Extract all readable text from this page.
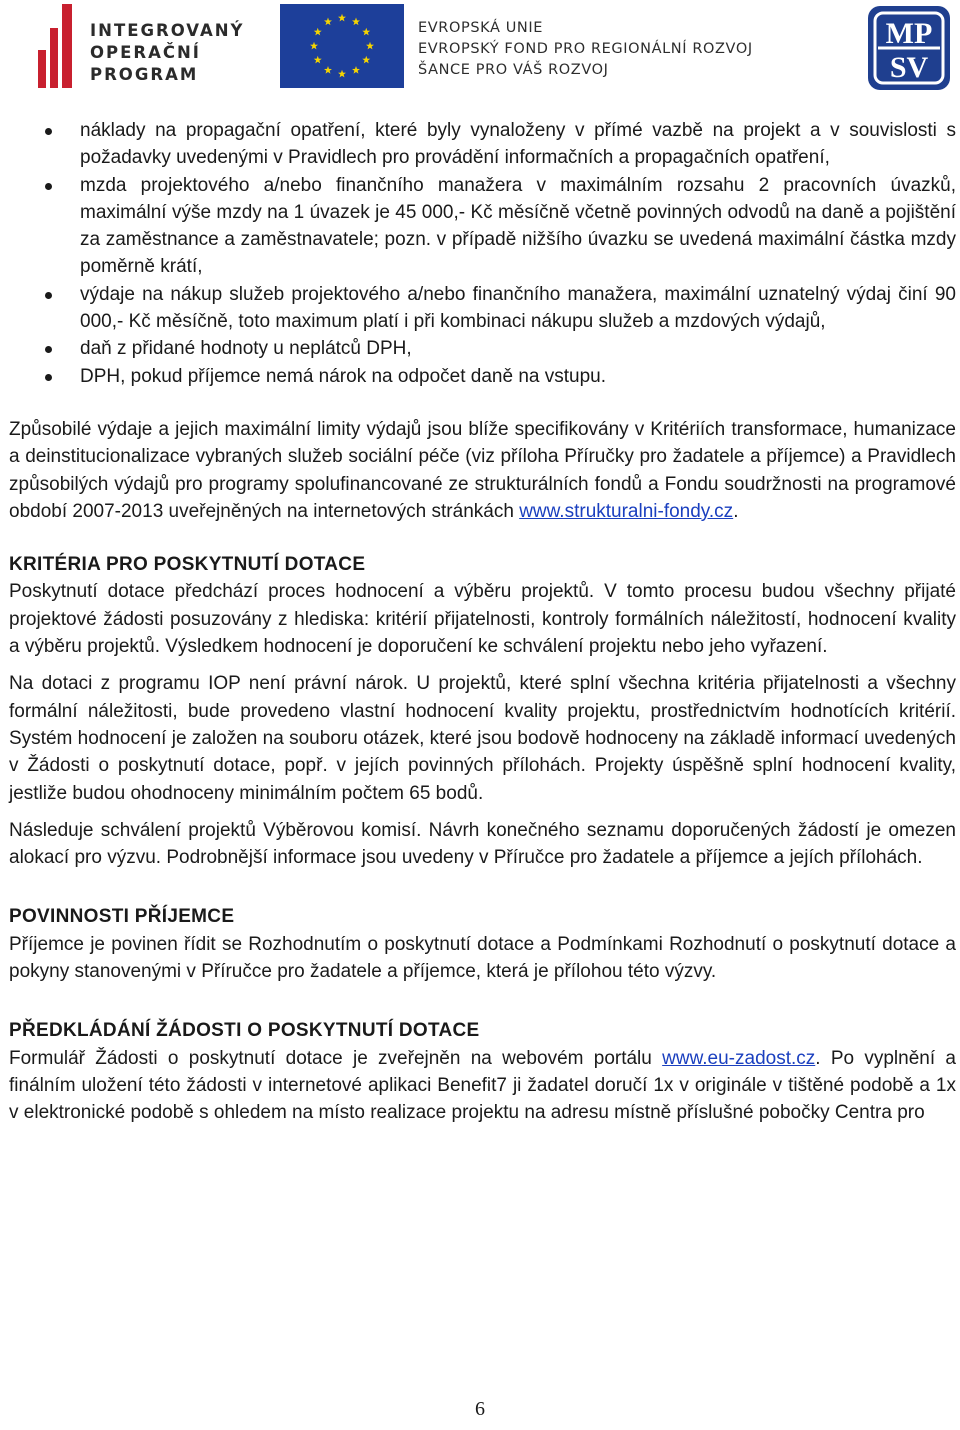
INTEGROVANÝ
OPERAČNÍ
PROGRAM
EVROPSKÁ UNIE
EVROPSKÝ FOND PRO REGIONÁLNÍ ROZVOJ
ŠANCE PRO VÁŠ ROZVOJ
MP
SV
náklady na propagační opatření, které byly vynaloženy v přímé vazbě na projekt a v souvislosti s požadavky uvedenými v Pravidlech pro provádění informačních a propagačních opatření,
mzda projektového a/nebo finančního manažera v maximálním rozsahu 2 pracovních úvazků, maximální výše mzdy na 1 úvazek je 45 000,- Kč měsíčně včetně povinných odvodů na daně a pojištění za zaměstnance a zaměstnavatele; pozn. v případě nižšího úvazku se uvedená maximální částka mzdy poměrně krátí,
výdaje na nákup služeb projektového a/nebo finančního manažera, maximální uznatelný výdaj činí 90 000,- Kč měsíčně, toto maximum platí i při kombinaci nákupu služeb a mzdových výdajů,
daň z přidané hodnoty u neplátců DPH,
DPH, pokud příjemce nemá nárok na odpočet daně na vstupu.

Způsobilé výdaje a jejich maximální limity výdajů jsou blíže specifikovány v Kritériích transformace, humanizace a deinstitucionalizace vybraných služeb sociální péče (viz příloha Příručky pro žadatele a příjemce) a Pravidlech způsobilých výdajů pro programy spolufinancované ze strukturálních fondů a Fondu soudržnosti na programové období 2007-2013 uveřejněných na internetových stránkách www.strukturalni-fondy.cz.

KRITÉRIA PRO POSKYTNUTÍ DOTACE

Poskytnutí dotace předchází proces hodnocení a výběru projektů. V tomto procesu budou všechny přijaté projektové žádosti posuzovány z hlediska: kritérií přijatelnosti, kontroly formálních náležitostí, hodnocení kvality a výběru projektů. Výsledkem hodnocení je doporučení ke schválení projektu nebo jeho vyřazení.

Na dotaci z programu IOP není právní nárok. U projektů, které splní všechna kritéria přijatelnosti a všechny formální náležitosti, bude provedeno vlastní hodnocení kvality projektu, prostřednictvím hodnotících kritérií. Systém hodnocení je založen na souboru otázek, které jsou bodově hodnoceny na základě informací uvedených v Žádosti o poskytnutí dotace, popř. v jejích povinných přílohách. Projekty úspěšně splní hodnocení kvality, jestliže budou ohodnoceny minimálním počtem 65 bodů.

Následuje schválení projektů Výběrovou komisí. Návrh konečného seznamu doporučených žádostí je omezen alokací pro výzvu. Podrobnější informace jsou uvedeny v Příručce pro žadatele a příjemce a jejích přílohách.

POVINNOSTI PŘÍJEMCE

Příjemce je povinen řídit se Rozhodnutím o poskytnutí dotace a Podmínkami Rozhodnutí o poskytnutí dotace a pokyny stanovenými v Příručce pro žadatele a příjemce, která je přílohou této výzvy.

PŘEDKLÁDÁNÍ ŽÁDOSTI O POSKYTNUTÍ DOTACE

Formulář Žádosti o poskytnutí dotace je zveřejněn na webovém portálu www.eu-zadost.cz. Po vyplnění a finálním uložení této žádosti v internetové aplikaci Benefit7 ji žadatel doručí 1x v originále v tištěné podobě a 1x v elektronické podobě s ohledem na místo realizace projektu na adresu místně příslušné pobočky Centra pro

6
